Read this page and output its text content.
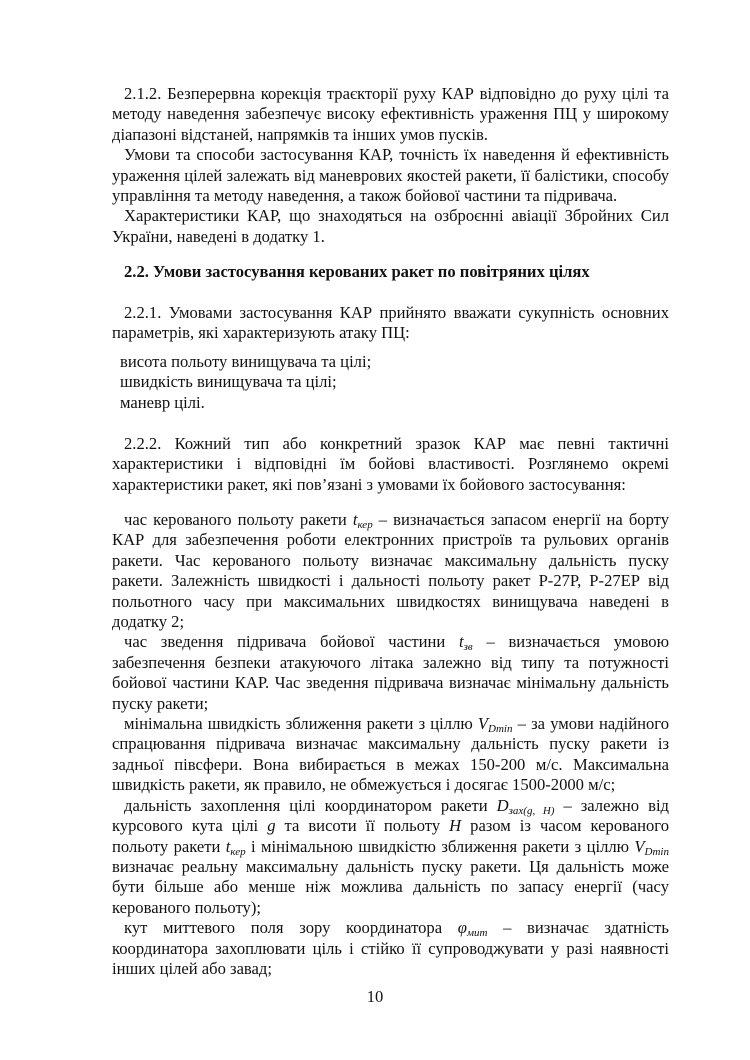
2.1.2. Безперервна корекція траєкторії руху КАР відповідно до руху цілі та методу наведення забезпечує високу ефективність ураження ПЦ у широкому діапазоні відстаней, напрямків та інших умов пусків.

Умови та способи застосування КАР, точність їх наведення й ефективність ураження цілей залежать від маневрових якостей ракети, її балістики, способу управління та методу наведення, а також бойової частини та підривача.

Характеристики КАР, що знаходяться на озброєнні авіації Збройних Сил України, наведені в додатку 1.

2.2. Умови застосування керованих ракет по повітряних цілях

2.2.1. Умовами застосування КАР прийнято вважати сукупність основних параметрів, які характеризують атаку ПЦ:

висота польоту винищувача та цілі;
швидкість винищувача та цілі;
маневр цілі.

2.2.2. Кожний тип або конкретний зразок КАР має певні тактичні характеристики і відповідні їм бойові властивості. Розглянемо окремі характеристики ракет, які пов’язані з умовами їх бойового застосування:

час керованого польоту ракети $t_{кер}$ – визначається запасом енергії на борту КАР для забезпечення роботи електронних пристроїв та рульових органів ракети. Час керованого польоту визначає максимальну дальність пуску ракети. Залежність швидкості і дальності польоту ракет Р-27Р, Р-27ЕР від польотного часу при максимальних швидкостях винищувача наведені в додатку 2;

час зведення підривача бойової частини $t_{зв}$ – визначається умовою забезпечення безпеки атакуючого літака залежно від типу та потужності бойової частини КАР. Час зведення підривача визначає мінімальну дальність пуску ракети;

мінімальна швидкість зближення ракети з ціллю $V_{Dmin}$ – за умови надійного спрацювання підривача визначає максимальну дальність пуску ракети із задньої півсфери. Вона вибирається в межах 150-200 м/с. Максимальна швидкість ракети, як правило, не обмежується і досягає 1500-2000 м/с;

дальність захоплення цілі координатором ракети $D_{зах(g, H)}$ – залежно від курсового кута цілі g та висоти її польоту H разом із часом керованого польоту ракети $t_{кер}$ і мінімальною швидкістю зближення ракети з ціллю $V_{Dmin}$ визначає реальну максимальну дальність пуску ракети. Ця дальність може бути більше або менше ніж можлива дальність по запасу енергії (часу керованого польоту);

кут миттевого поля зору координатора $\varphi_{мит}$ – визначає здатність координатора захоплювати ціль і стійко її супроводжувати у разі наявності інших цілей або завад;

10
